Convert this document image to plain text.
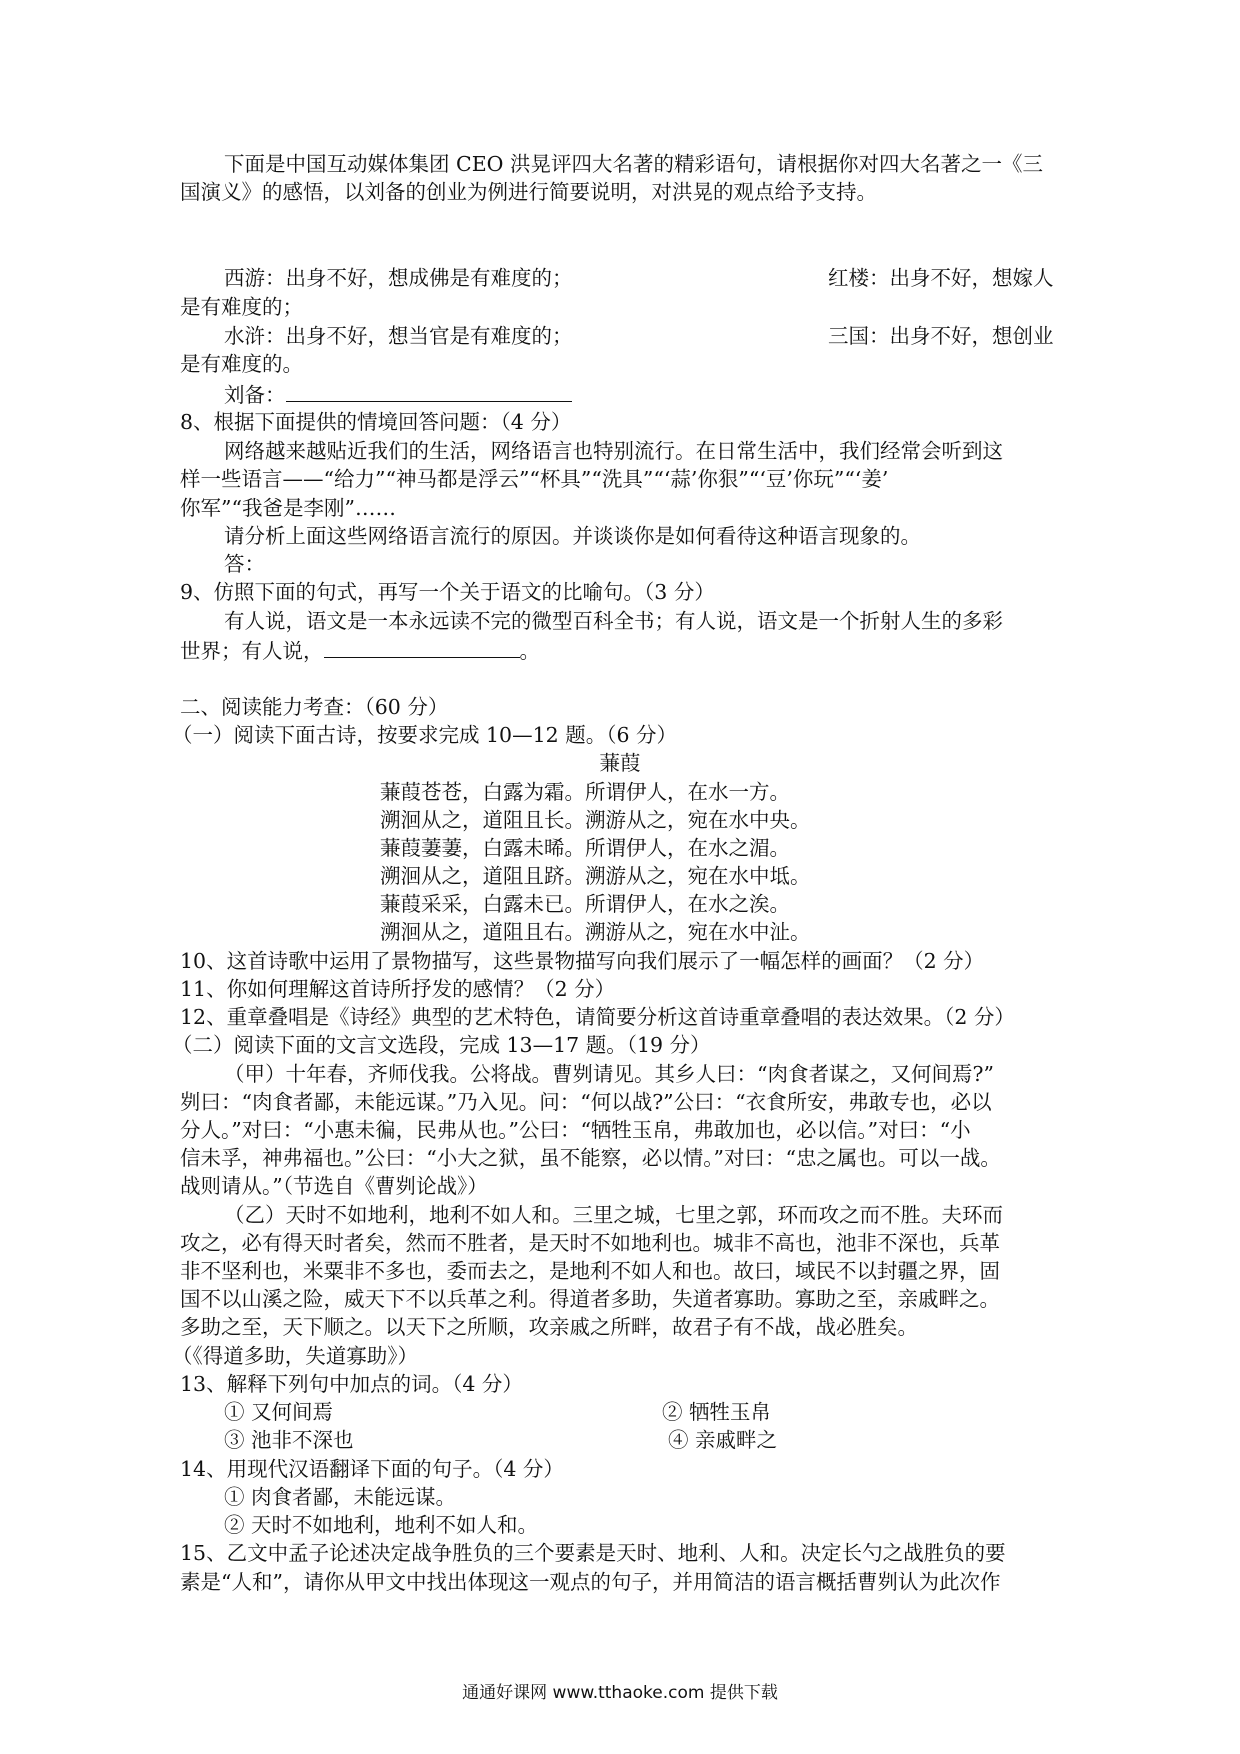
下面是中国互动媒体集团 CEO 洪晃评四大名著的精彩语句，请根据你对四大名著之一《三
国演义》的感悟，以刘备的创业为例进行简要说明，对洪晃的观点给予支持。
西游：出身不好，想成佛是有难度的；	红楼：出身不好，想嫁人
是有难度的；
水浒：出身不好，想当官是有难度的；	三国：出身不好，想创业
是有难度的。
刘备：
8、根据下面提供的情境回答问题：（4 分）
网络越来越贴近我们的生活，网络语言也特别流行。在日常生活中，我们经常会听到这
样一些语言——“给力”“神马都是浮云”“杯具”“洗具”“‘蒜’你狠”“‘豆’你玩”“‘姜’
你军”“我爸是李刚”……
请分析上面这些网络语言流行的原因。并谈谈你是如何看待这种语言现象的。
答：
9、仿照下面的句式，再写一个关于语文的比喻句。（3 分）
有人说，语文是一本永远读不完的微型百科全书；有人说，语文是一个折射人生的多彩
世界；有人说，	。
二、阅读能力考查：（60 分）
（一）阅读下面古诗，按要求完成 10—12 题。（6 分）
蒹葭
蒹葭苍苍，白露为霜。所谓伊人，在水一方。
溯洄从之，道阻且长。溯游从之，宛在水中央。
蒹葭萋萋，白露未晞。所谓伊人，在水之湄。
溯洄从之，道阻且跻。溯游从之，宛在水中坻。
蒹葭采采，白露未已。所谓伊人，在水之涘。
溯洄从之，道阻且右。溯游从之，宛在水中沚。
10、这首诗歌中运用了景物描写，这些景物描写向我们展示了一幅怎样的画面？（2 分）
11、你如何理解这首诗所抒发的感情？（2 分）
12、重章叠唱是《诗经》典型的艺术特色，请简要分析这首诗重章叠唱的表达效果。（2 分）
（二）阅读下面的文言文选段，完成 13—17 题。（19 分）
（甲）十年春，齐师伐我。公将战。曹刿请见。其乡人曰：“肉食者谋之，又何间焉?”
刿曰：“肉食者鄙，未能远谋。”乃入见。问：“何以战?”公曰：“衣食所安，弗敢专也，必以
分人。”对曰：“小惠未徧，民弗从也。”公曰：“牺牲玉帛，弗敢加也，必以信。”对曰：“小
信未孚，神弗福也。”公曰：“小大之狱，虽不能察，必以情。”对曰：“忠之属也。可以一战。
战则请从。”（节选自《曹刿论战》）
（乙）天时不如地利，地利不如人和。三里之城，七里之郭，环而攻之而不胜。夫环而
攻之，必有得天时者矣，然而不胜者，是天时不如地利也。城非不高也，池非不深也，兵革
非不坚利也，米粟非不多也，委而去之，是地利不如人和也。故曰，域民不以封疆之界，固
国不以山溪之险，威天下不以兵革之利。得道者多助，失道者寡助。寡助之至，亲戚畔之。
多助之至，天下顺之。以天下之所顺，攻亲戚之所畔，故君子有不战，战必胜矣。
（《得道多助，失道寡助》）
13、解释下列句中加点的词。（4 分）
① 又何间焉	② 牺牲玉帛
③ 池非不深也	④ 亲戚畔之
14、用现代汉语翻译下面的句子。（4 分）
① 肉食者鄙，未能远谋。
② 天时不如地利，地利不如人和。
15、乙文中孟子论述决定战争胜负的三个要素是天时、地利、人和。决定长勺之战胜负的要
素是“人和”，请你从甲文中找出体现这一观点的句子，并用简洁的语言概括曹刿认为此次作
通通好课网 www.tthaoke.com 提供下载
